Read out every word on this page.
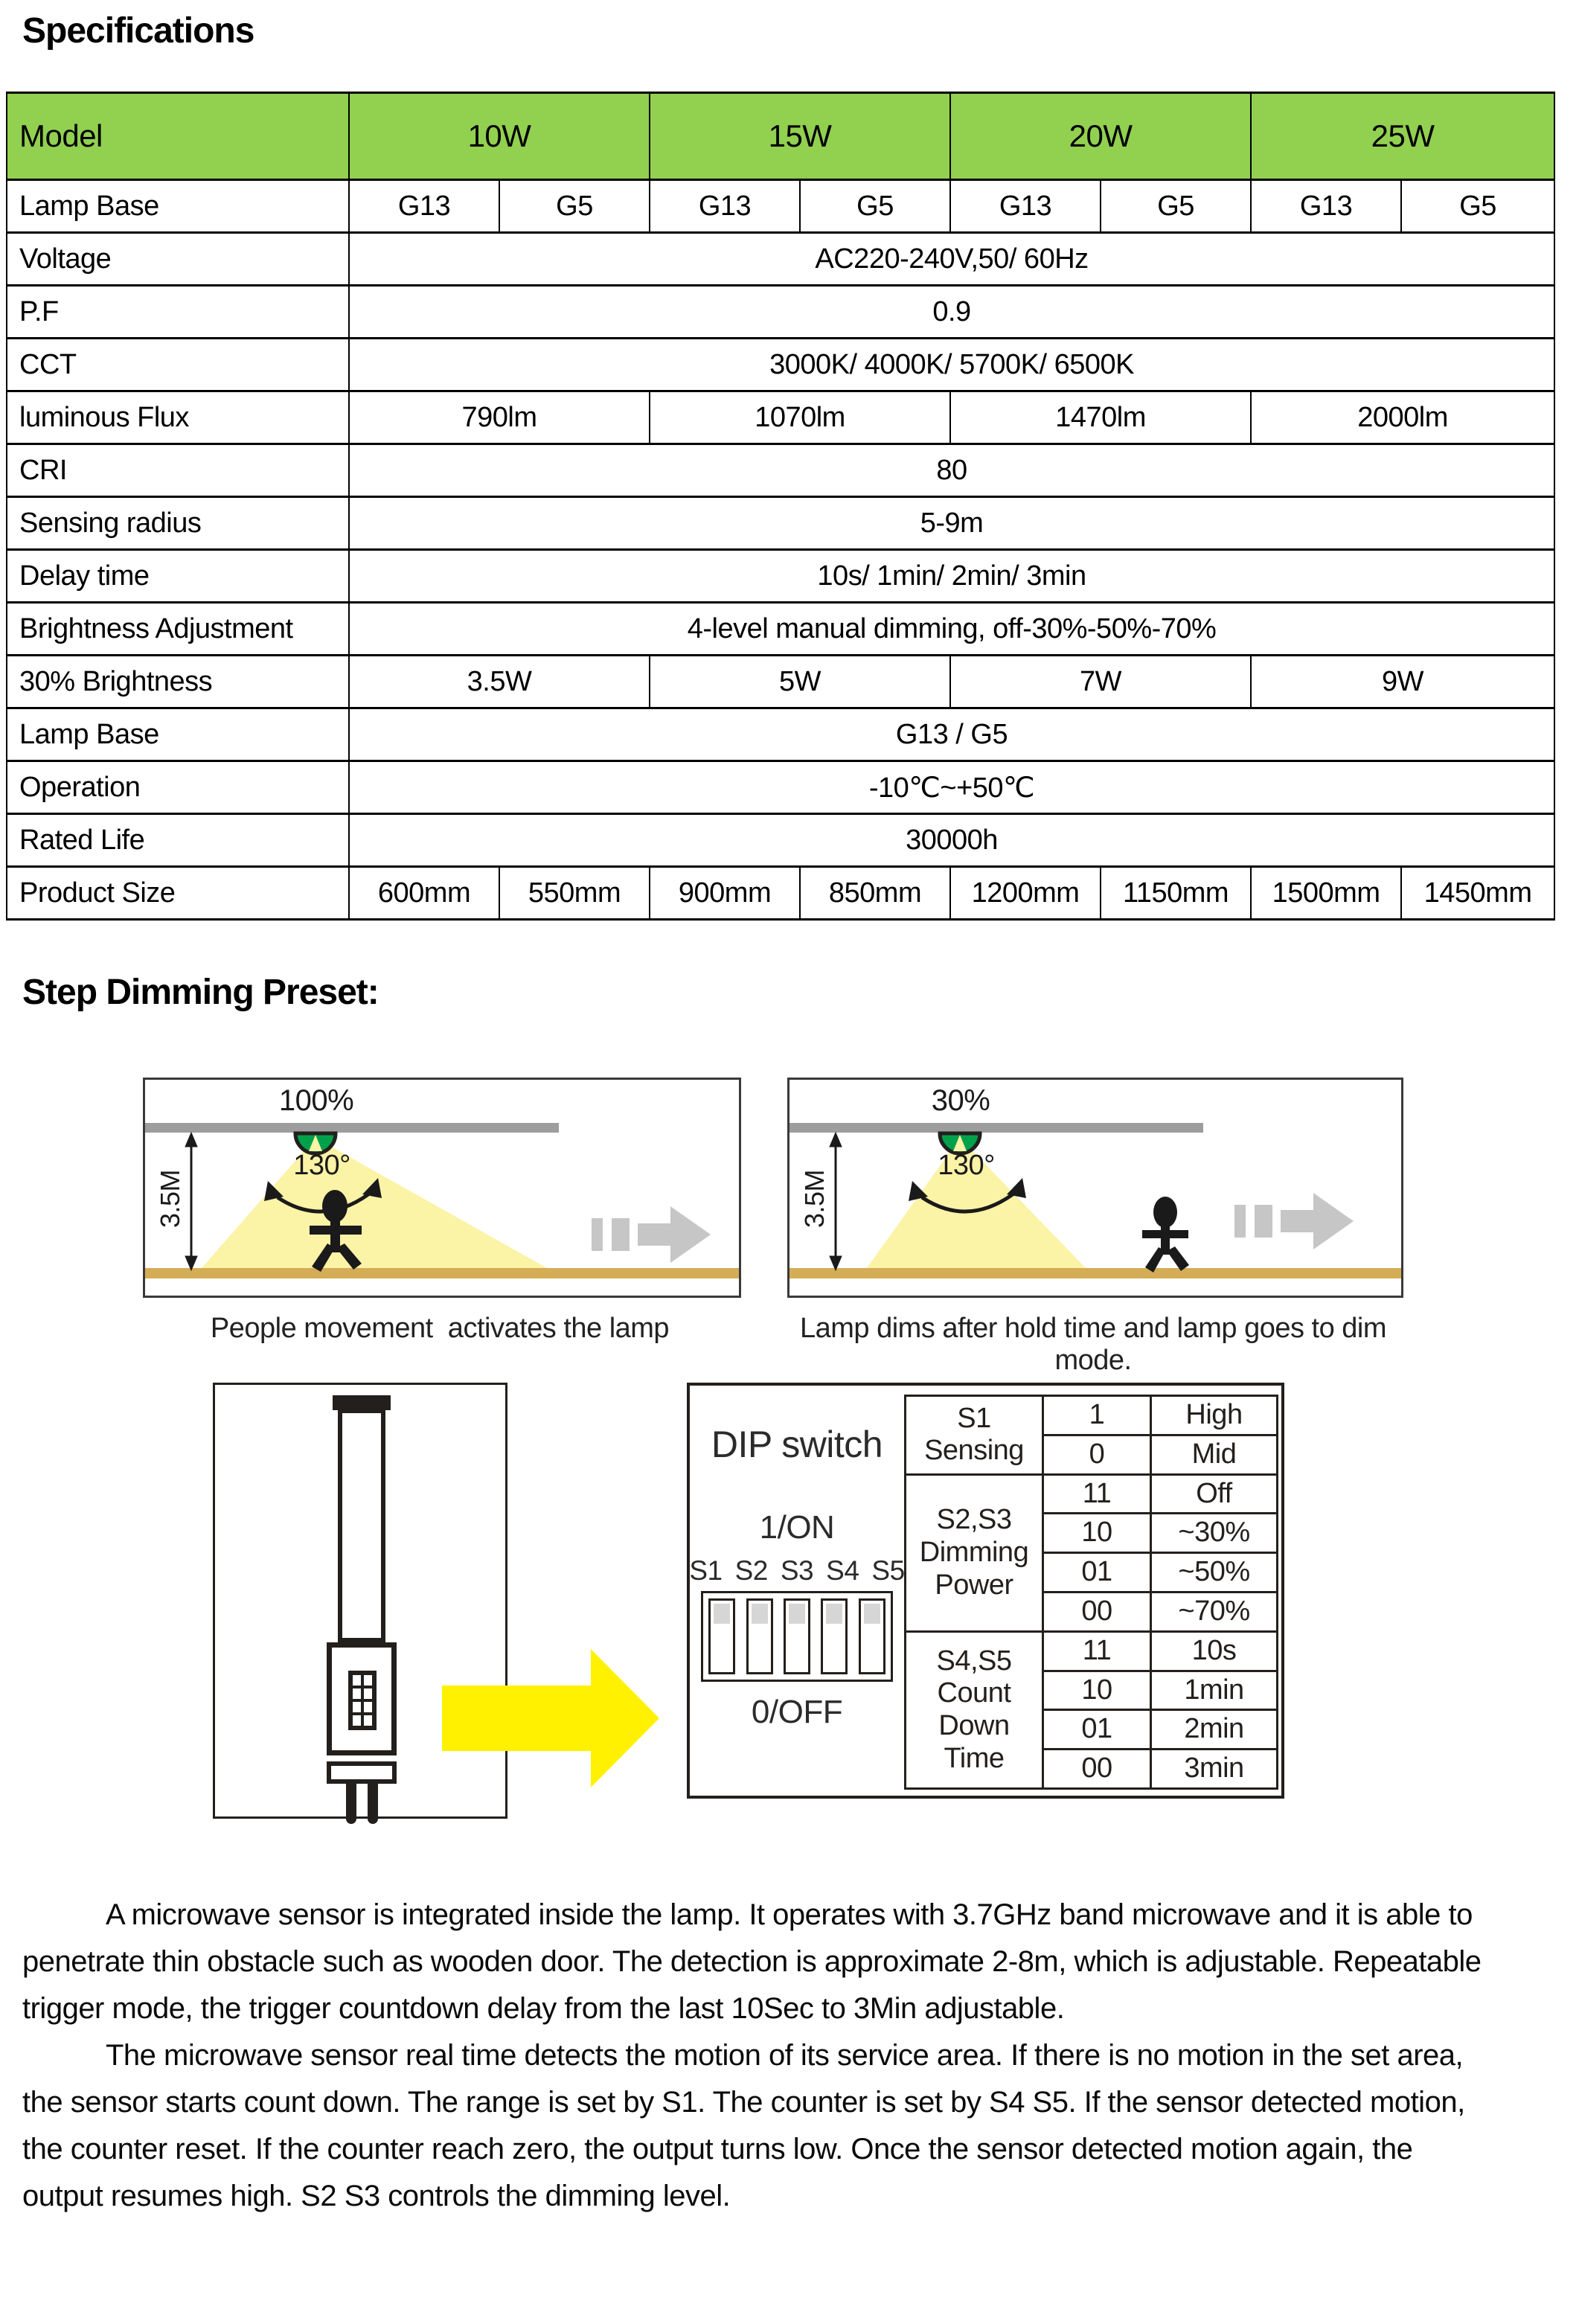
Specifications
Model	10W		15W		20W		25W	
Lamp Base	G13	G5	G13	G5	G13	G5	G13	G5
Voltage	AC220-240V,50/ 60Hz							
P.F	0.9							
CCT	3000K/ 4000K/ 5700K/ 6500K							
luminous Flux	790lm		1070lm		1470lm		2000lm	
CRI	80							
Sensing radius	5-9m							
Delay time	10s/ 1min/ 2min/ 3min							
Brightness Adjustment	4-level manual dimming, off-30%-50%-70%							
30% Brightness	3.5W		5W		7W		9W	
Lamp Base	G13 / G5							
Operation	-10℃~+50℃							
Rated Life	30000h							
Product Size	600mm	550mm	900mm	850mm	1200mm	1150mm	1500mm	1450mm
Step Dimming Preset:
100%
130°
3.5M
30%
130°
3.5M
People movement  activates the lamp	Lamp dims after hold time and lamp goes to dim mode.
DIP switch
1/ON
S1 S2 S3 S4 S5
0/OFF
S1 Sensing	1	High
	0	Mid
S2,S3 Dimming Power	11	Off
	10	~30%
	01	~50%
	00	~70%
S4,S5 Count Down Time	11	10s
	10	1min
	01	2min
	00	3min

A microwave sensor is integrated inside the lamp. It operates with 3.7GHz band microwave and it is able to penetrate thin obstacle such as wooden door. The detection is approximate 2-8m, which is adjustable. Repeatable trigger mode, the trigger countdown delay from the last 10Sec to 3Min adjustable.

The microwave sensor real time detects the motion of its service area. If there is no motion in the set area, the sensor starts count down. The range is set by S1. The counter is set by S4 S5. If the sensor detected motion, the counter reset. If the counter reach zero, the output turns low. Once the sensor detected motion again, the output resumes high. S2 S3 controls the dimming level.
